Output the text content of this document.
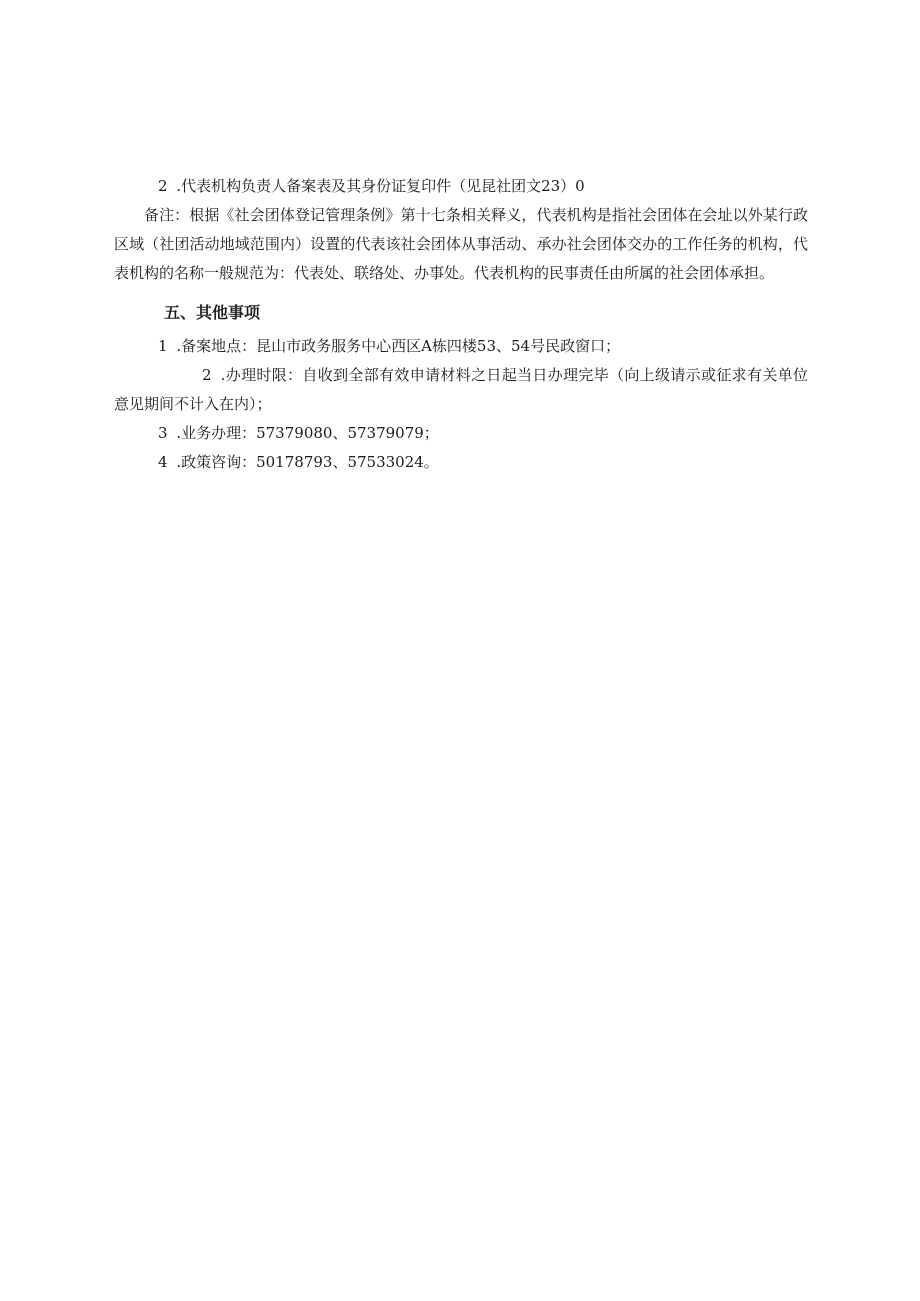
2 .代表机构负责人备案表及其身份证复印件（见昆社团文23）0

备注：根据《社会团体登记管理条例》第十七条相关释义，代表机构是指社会团体在会址以外某行政区域（社团活动地域范围内）设置的代表该社会团体从事活动、承办社会团体交办的工作任务的机构，代表机构的名称一般规范为：代表处、联络处、办事处。代表机构的民事责任由所属的社会团体承担。

五、其他事项

1 .备案地点：昆山市政务服务中心西区A栋四楼53、54号民政窗口；

2 .办理时限：自收到全部有效申请材料之日起当日办理完毕（向上级请示或征求有关单位意见期间不计入在内）；

3 .业务办理：57379080、57379079；

4 .政策咨询：50178793、57533024。
